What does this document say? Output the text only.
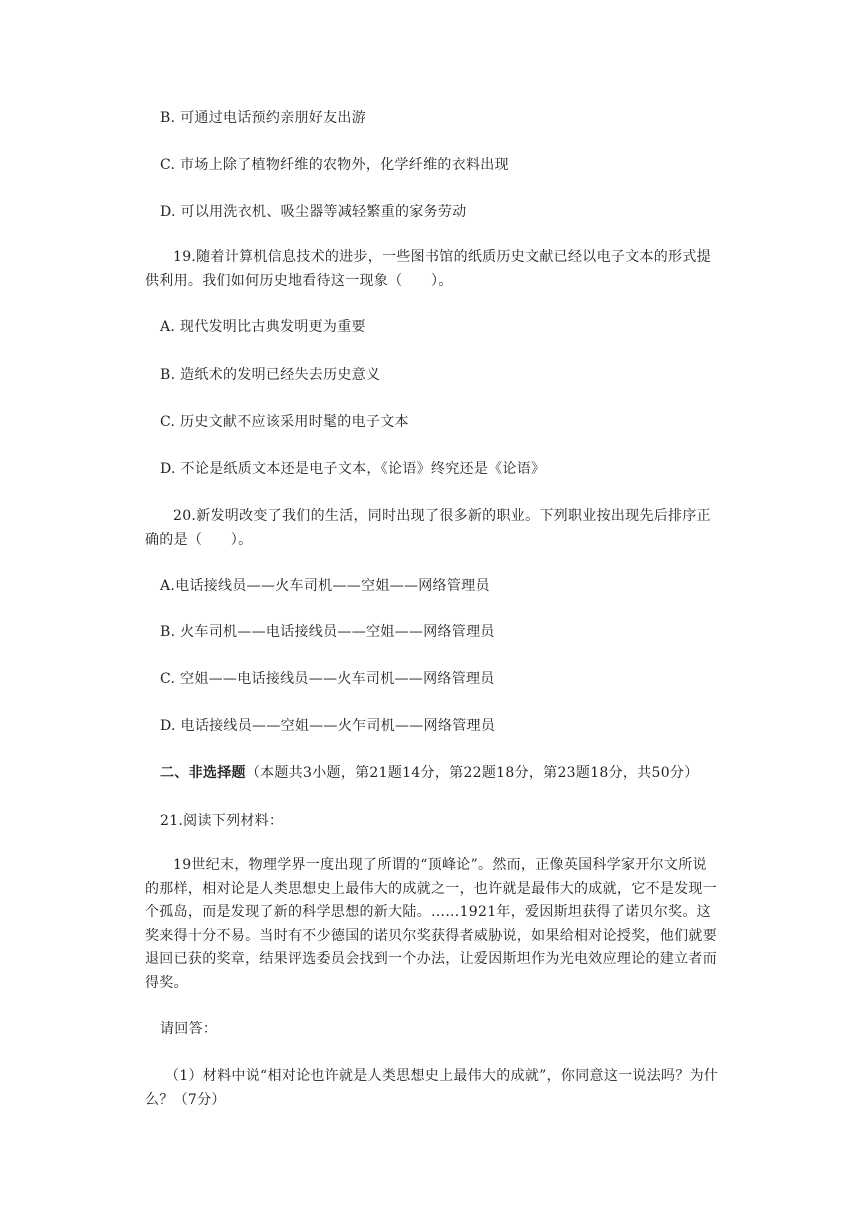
B. 可通过电话预约亲朋好友出游
C. 市场上除了植物纤维的农物外，化学纤维的衣料出现
D. 可以用洗衣机、吸尘器等减轻繁重的家务劳动
19.随着计算机信息技术的进步，一些图书馆的纸质历史文献已经以电子文本的形式提供利用。我们如何历史地看待这一现象（　　）。
A. 现代发明比古典发明更为重要
B. 造纸术的发明已经失去历史意义
C. 历史文献不应该采用时髦的电子文本
D. 不论是纸质文本还是电子文本，《论语》终究还是《论语》
20.新发明改变了我们的生活，同时出现了很多新的职业。下列职业按出现先后排序正确的是（　　）。
A.电话接线员——火车司机——空姐——网络管理员
B. 火车司机——电话接线员——空姐——网络管理员
C. 空姐——电话接线员——火车司机——网络管理员
D. 电话接线员——空姐——火乍司机——网络管理员
二、非选择题（本题共3小题，第21题14分，第22题18分，第23题18分，共50分）
21.阅读下列材料：
19世纪末，物理学界一度出现了所谓的“顶峰论”。然而，正像英国科学家开尔文所说的那样，相对论是人类思想史上最伟大的成就之一，也许就是最伟大的成就，它不是发现一个孤岛，而是发现了新的科学思想的新大陆。……1921年，爱因斯坦获得了诺贝尔奖。这奖来得十分不易。当时有不少德国的诺贝尔奖获得者威胁说，如果给相对论授奖，他们就要退回已获的奖章，结果评选委员会找到一个办法，让爱因斯坦作为光电效应理论的建立者而得奖。
请回答：
（1）材料中说“相对论也许就是人类思想史上最伟大的成就”，你同意这一说法吗？为什么？（7分）
